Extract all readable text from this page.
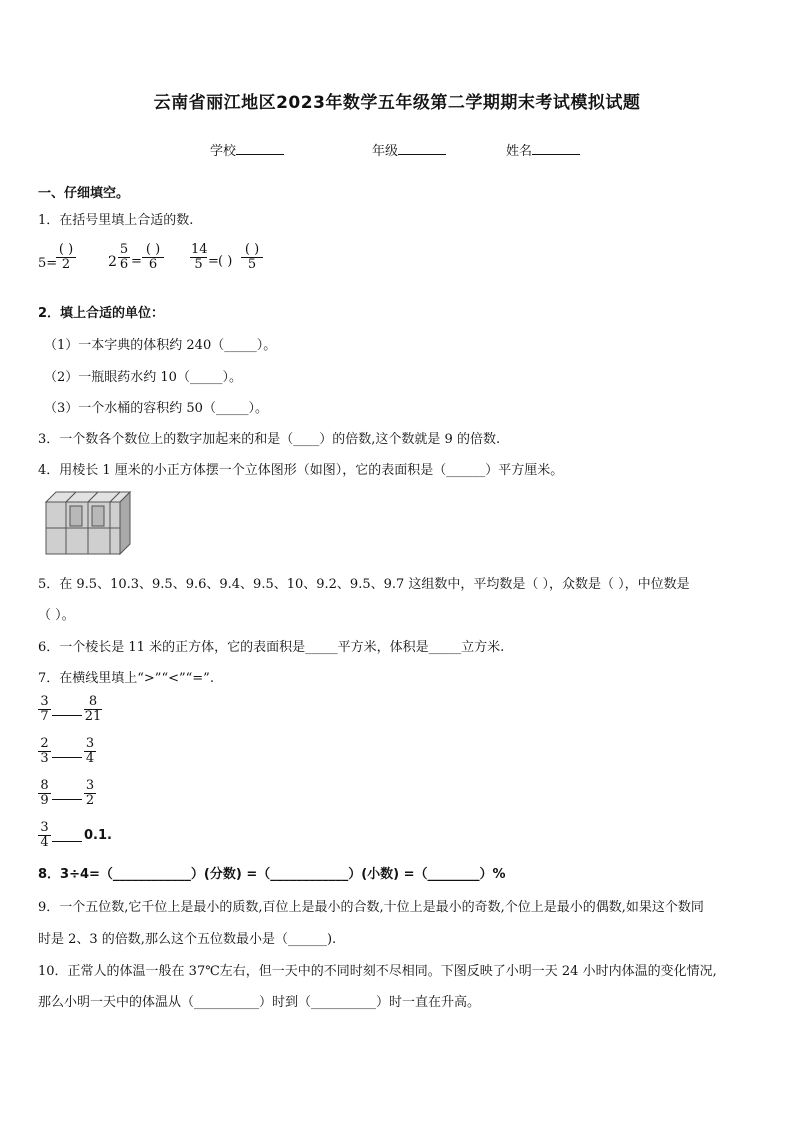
云南省丽江地区2023年数学五年级第二学期期末考试模拟试题
学校	年级	姓名
一、仔细填空。
1．在括号里填上合适的数.
5=
( )
2	$2 \frac{5}{6}$ =
( )
6	$\frac{14}{5}$ = ( )
( )
5
2．填上合适的单位：
（1）一本字典的体积约 240（_____）。
（2）一瓶眼药水约 10（_____）。
（3）一个水桶的容积约 50（_____）。
3．一个数各个数位上的数字加起来的和是（____）的倍数,这个数就是 9 的倍数.
4．用棱长 1 厘米的小正方体摆一个立体图形（如图），它的表面积是（______）平方厘米。
5．在 9.5、10.3、9.5、9.6、9.4、9.5、10、9.2、9.5、9.7 这组数中，平均数是（ ），众数是（ ），中位数是
（ ）。
6．一个棱长是 11 米的正方体，它的表面积是_____平方米，体积是_____立方米.
7．在横线里填上“>”“<”“=”.
$\frac{3}{7}$	$\frac{8}{21}$
$\frac{2}{3}$	$\frac{3}{4}$
$\frac{8}{9}$	$\frac{3}{2}$
$\frac{3}{4}$	0.1.
8．3÷4=（____________）(分数) =（____________）(小数) =（________）%
9．一个五位数,它千位上是最小的质数,百位上是最小的合数,十位上是最小的奇数,个位上是最小的偶数,如果这个数同
时是 2、3 的倍数,那么这个五位数最小是（______).
10．正常人的体温一般在 37℃左右，但一天中的不同时刻不尽相同。下图反映了小明一天 24 小时内体温的变化情况,
那么小明一天中的体温从（__________）时到（__________）时一直在升高。
